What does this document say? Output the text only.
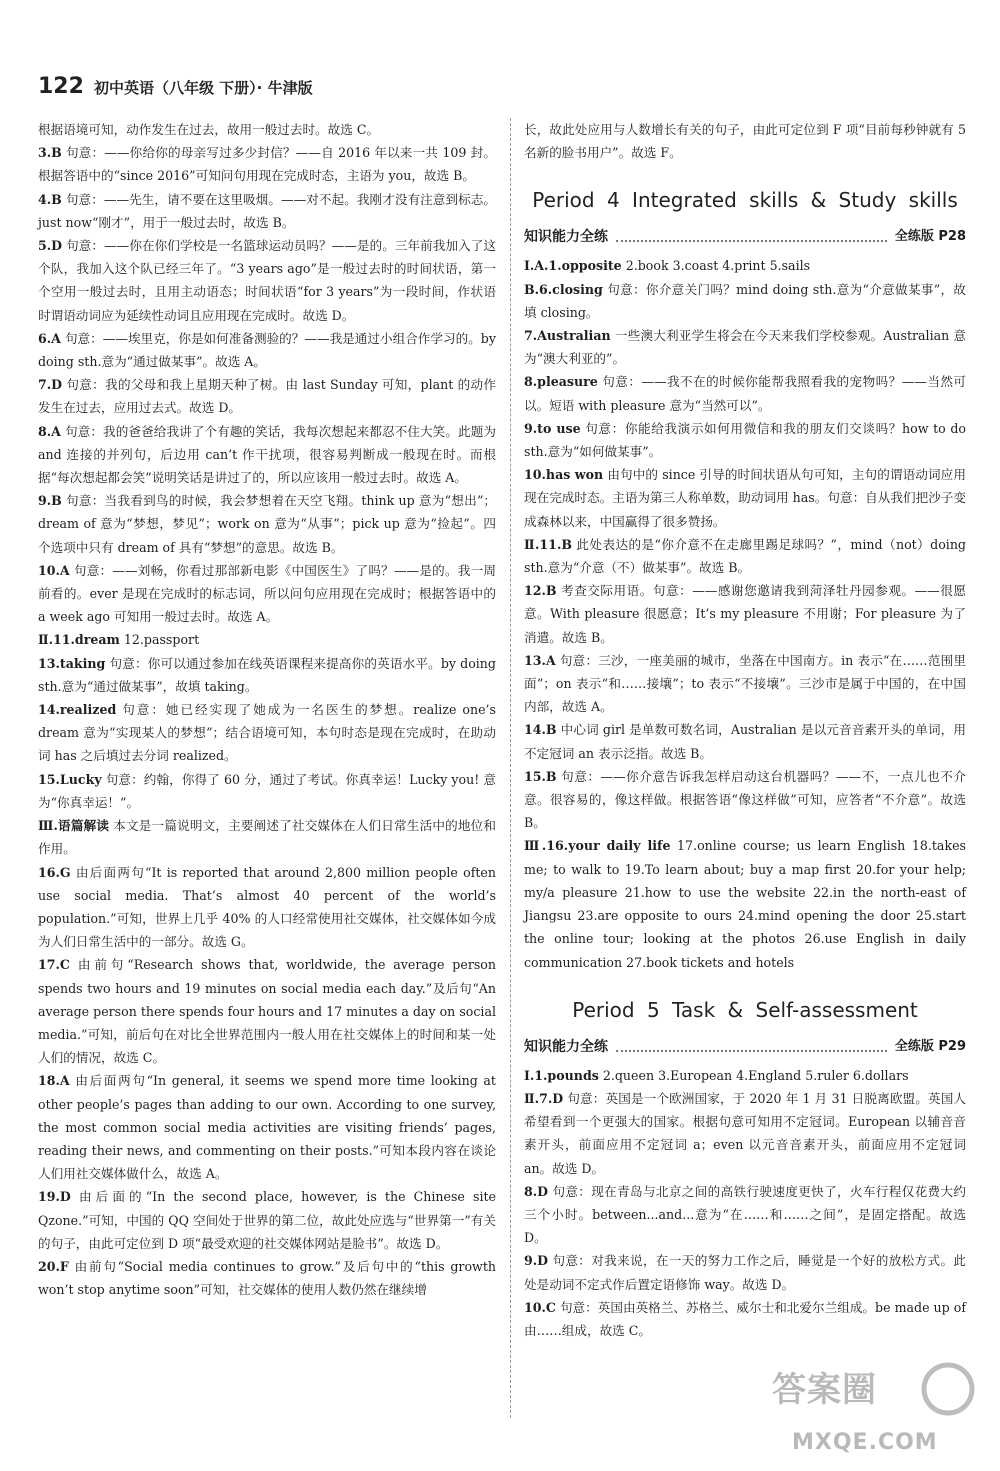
122 初中英语（八年级 下册）· 牛津版

根据语境可知，动作发生在过去，故用一般过去时。故选 C。

3.B 句意：——你给你的母亲写过多少封信？——自 2016 年以来一共 109 封。根据答语中的“since 2016”可知问句用现在完成时态，主语为 you，故选 B。

4.B 句意：——先生，请不要在这里吸烟。——对不起。我刚才没有注意到标志。just now“刚才”，用于一般过去时，故选 B。

5.D 句意：——你在你们学校是一名篮球运动员吗？——是的。三年前我加入了这个队，我加入这个队已经三年了。“3 years ago”是一般过去时的时间状语，第一个空用一般过去时，且用主动语态；时间状语“for 3 years”为一段时间，作状语时谓语动词应为延续性动词且应用现在完成时。故选 D。

6.A 句意：——埃里克，你是如何准备测验的？——我是通过小组合作学习的。by doing sth.意为“通过做某事”。故选 A。

7.D 句意：我的父母和我上星期天种了树。由 last Sunday 可知，plant 的动作发生在过去，应用过去式。故选 D。

8.A 句意：我的爸爸给我讲了个有趣的笑话，我每次想起来都忍不住大笑。此题为 and 连接的并列句，后边用 can’t 作干扰项，很容易判断成一般现在时。而根据“每次想起都会笑”说明笑话是讲过了的，所以应该用一般过去时。故选 A。

9.B 句意：当我看到鸟的时候，我会梦想着在天空飞翔。think up 意为“想出”；dream of 意为“梦想，梦见”；work on 意为“从事”；pick up 意为“捡起”。四个选项中只有 dream of 具有“梦想”的意思。故选 B。

10.A 句意：——刘畅，你看过那部新电影《中国医生》了吗？——是的。我一周前看的。ever 是现在完成时的标志词，所以问句应用现在完成时；根据答语中的 a week ago 可知用一般过去时。故选 A。

Ⅱ.11.dream 12.passport

13.taking 句意：你可以通过参加在线英语课程来提高你的英语水平。by doing sth.意为“通过做某事”，故填 taking。

14.realized 句意：她已经实现了她成为一名医生的梦想。realize one’s dream 意为“实现某人的梦想”；结合语境可知，本句时态是现在完成时，在助动词 has 之后填过去分词 realized。

15.Lucky 句意：约翰，你得了 60 分，通过了考试。你真幸运！Lucky you! 意为“你真幸运！”。

Ⅲ.语篇解读 本文是一篇说明文，主要阐述了社交媒体在人们日常生活中的地位和作用。

16.G 由后面两句“It is reported that around 2,800 million people often use social media. That’s almost 40 percent of the world’s population.”可知，世界上几乎 40% 的人口经常使用社交媒体，社交媒体如今成为人们日常生活中的一部分。故选 G。

17.C 由前句“Research shows that, worldwide, the average person spends two hours and 19 minutes on social media each day.”及后句“An average person there spends four hours and 17 minutes a day on social media.”可知，前后句在对比全世界范围内一般人用在社交媒体上的时间和某一处人们的情况，故选 C。

18.A 由后面两句“In general, it seems we spend more time looking at other people’s pages than adding to our own. According to one survey, the most common social media activities are visiting friends’ pages, reading their news, and commenting on their posts.”可知本段内容在谈论人们用社交媒体做什么，故选 A。

19.D 由后面的“In the second place, however, is the Chinese site Qzone.”可知，中国的 QQ 空间处于世界的第二位，故此处应选与“世界第一”有关的句子，由此可定位到 D 项“最受欢迎的社交媒体网站是脸书”。故选 D。

20.F 由前句“Social media continues to grow.”及后句中的“this growth won’t stop anytime soon”可知，社交媒体的使用人数仍然在继续增

长，故此处应用与人数增长有关的句子，由此可定位到 F 项“目前每秒钟就有 5 名新的脸书用户”。故选 F。

Period 4 Integrated skills & Study skills
知识能力全练	全练版 P28

Ⅰ.A.1.opposite 2.book 3.coast 4.print 5.sails

B.6.closing 句意：你介意关门吗？mind doing sth.意为“介意做某事”，故填 closing。

7.Australian 一些澳大利亚学生将会在今天来我们学校参观。Australian 意为“澳大利亚的”。

8.pleasure 句意：——我不在的时候你能帮我照看我的宠物吗？——当然可以。短语 with pleasure 意为“当然可以”。

9.to use 句意：你能给我演示如何用微信和我的朋友们交谈吗？how to do sth.意为“如何做某事”。

10.has won 由句中的 since 引导的时间状语从句可知，主句的谓语动词应用现在完成时态。主语为第三人称单数，助动词用 has。句意：自从我们把沙子变成森林以来，中国赢得了很多赞扬。

Ⅱ.11.B 此处表达的是“你介意不在走廊里踢足球吗？”，mind（not）doing sth.意为“介意（不）做某事”。故选 B。

12.B 考查交际用语。句意：——感谢您邀请我到菏泽牡丹园参观。——很愿意。With pleasure 很愿意；It’s my pleasure 不用谢；For pleasure 为了消遣。故选 B。

13.A 句意：三沙，一座美丽的城市，坐落在中国南方。in 表示“在……范围里面”；on 表示“和……接壤”；to 表示“不接壤”。三沙市是属于中国的，在中国内部，故选 A。

14.B 中心词 girl 是单数可数名词，Australian 是以元音音素开头的单词，用不定冠词 an 表示泛指。故选 B。

15.B 句意：——你介意告诉我怎样启动这台机器吗？——不，一点儿也不介意。很容易的，像这样做。根据答语“像这样做”可知，应答者“不介意”。故选 B。

Ⅲ.16.your daily life 17.online course; us learn English 18.takes me; to walk to 19.To learn about; buy a map first 20.for your help; my/a pleasure 21.how to use the website 22.in the north-east of Jiangsu 23.are opposite to ours 24.mind opening the door 25.start the online tour; looking at the photos 26.use English in daily communication 27.book tickets and hotels

Period 5 Task & Self-assessment
知识能力全练	全练版 P29

Ⅰ.1.pounds 2.queen 3.European 4.England 5.ruler 6.dollars

Ⅱ.7.D 句意：英国是一个欧洲国家，于 2020 年 1 月 31 日脱离欧盟。英国人希望看到一个更强大的国家。根据句意可知用不定冠词。European 以辅音音素开头，前面应用不定冠词 a；even 以元音音素开头，前面应用不定冠词 an。故选 D。

8.D 句意：现在青岛与北京之间的高铁行驶速度更快了，火车行程仅花费大约三个小时。between...and...意为“在……和……之间”，是固定搭配。故选 D。

9.D 句意：对我来说，在一天的努力工作之后，睡觉是一个好的放松方式。此处是动词不定式作后置定语修饰 way。故选 D。

10.C 句意：英国由英格兰、苏格兰、威尔士和北爱尔兰组成。be made up of 由……组成，故选 C。

答案圈
MXQE.COM
